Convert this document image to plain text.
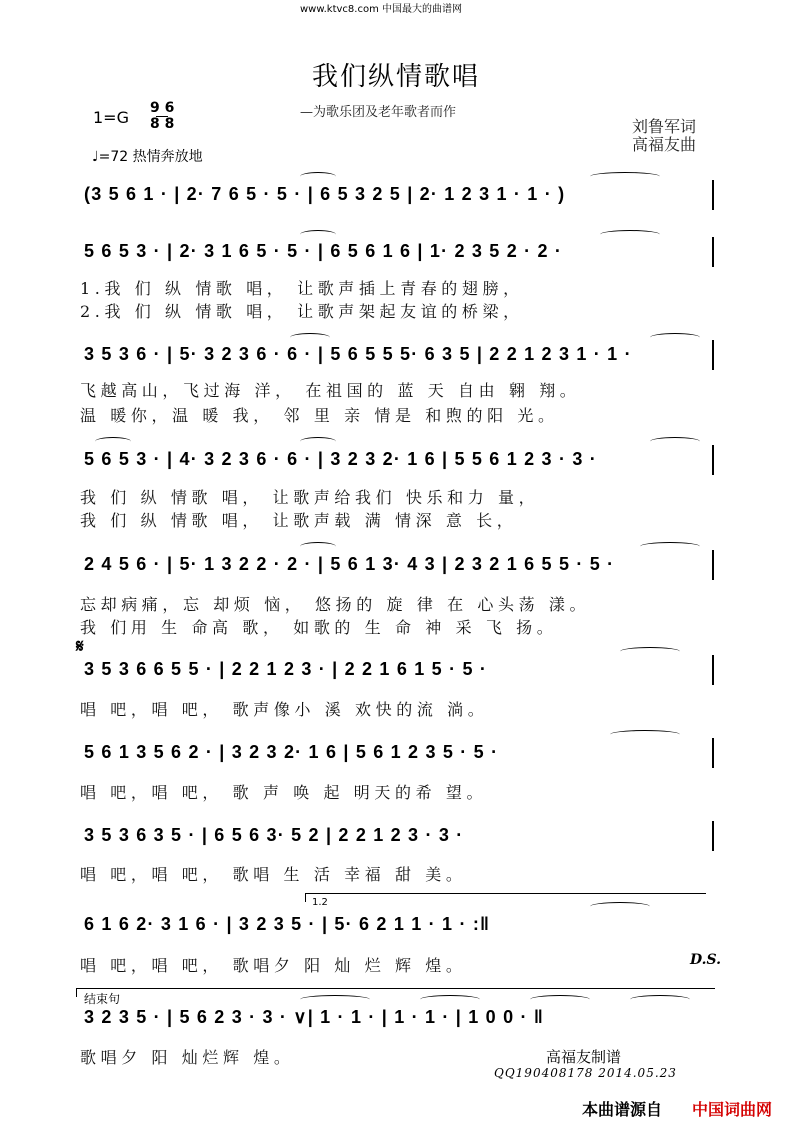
www.ktvc8.com 中国最大的曲谱网
我们纵情歌唱
—为歌乐团及老年歌者而作
1=G 9 6
8 8
♩=72 热情奔放地
刘鲁军词
高福友曲
(3 5 6 1 · | 2· 7 6 5 · 5 · | 6 5 3 2 5 | 2· 1 2 3 1 · 1 · )
5 6 5 3 · | 2· 3 1 6 5 · 5 · | 6 5 6 1 6 | 1· 2 3 5 2 · 2 ·
1.我 们 纵 情歌 唱， 让歌声插上青春的翅膀，
2.我 们 纵 情歌 唱， 让歌声架起友谊的桥梁，
3 5 3 6 · | 5· 3 2 3 6 · 6 · | 5 6 5 5 5· 6 3 5 | 2 2 1 2 3 1 · 1 ·
飞越高山，飞过海 洋， 在祖国的 蓝 天 自由 翱 翔。
温 暖你，温 暖 我， 邻 里 亲 情是 和煦的阳 光。
5 6 5 3 · | 4· 3 2 3 6 · 6 · | 3 2 3 2· 1 6 | 5 5 6 1 2 3 · 3 ·
我 们 纵 情歌 唱， 让歌声给我们 快乐和力 量，
我 们 纵 情歌 唱， 让歌声载 满 情深 意 长，
2 4 5 6 · | 5· 1 3 2 2 · 2 · | 5 6 1 3· 4 3 | 2 3 2 1 6 5 5 · 5 ·
忘却病痛，忘 却烦 恼， 悠扬的 旋 律 在 心头荡 漾。
我 们用 生 命高 歌， 如歌的 生 命 神 采 飞 扬。
𝄋
3 5 3 6 6 5 5 · | 2 2 1 2 3 · | 2 2 1 6 1 5 · 5 ·
唱 吧，唱 吧， 歌声像小 溪 欢快的流 淌。
5 6 1 3 5 6 2 · | 3 2 3 2· 1 6 | 5 6 1 2 3 5 · 5 ·
唱 吧，唱 吧， 歌 声 唤 起 明天的希 望。
3 5 3 6 3 5 · | 6 5 6 3· 5 2 | 2 2 1 2 3 · 3 ·
唱 吧，唱 吧， 歌唱 生 活 幸福 甜 美。
1.2
6 1 6 2· 3 1 6 · | 3 2 3 5 · | 5· 6 2 1 1 · 1 · :‖
唱 吧，唱 吧， 歌唱夕 阳 灿 烂 辉 煌。	D.S.
结束句
3 2 3 5 · | 5 6 2 3 · 3 · ∨| 1 · 1 · | 1 · 1 · | 1 0 0 · ‖
歌唱夕 阳 灿烂辉 煌。	高福友制谱
QQ190408178 2014.05.23
本曲谱源自 中国词曲网
